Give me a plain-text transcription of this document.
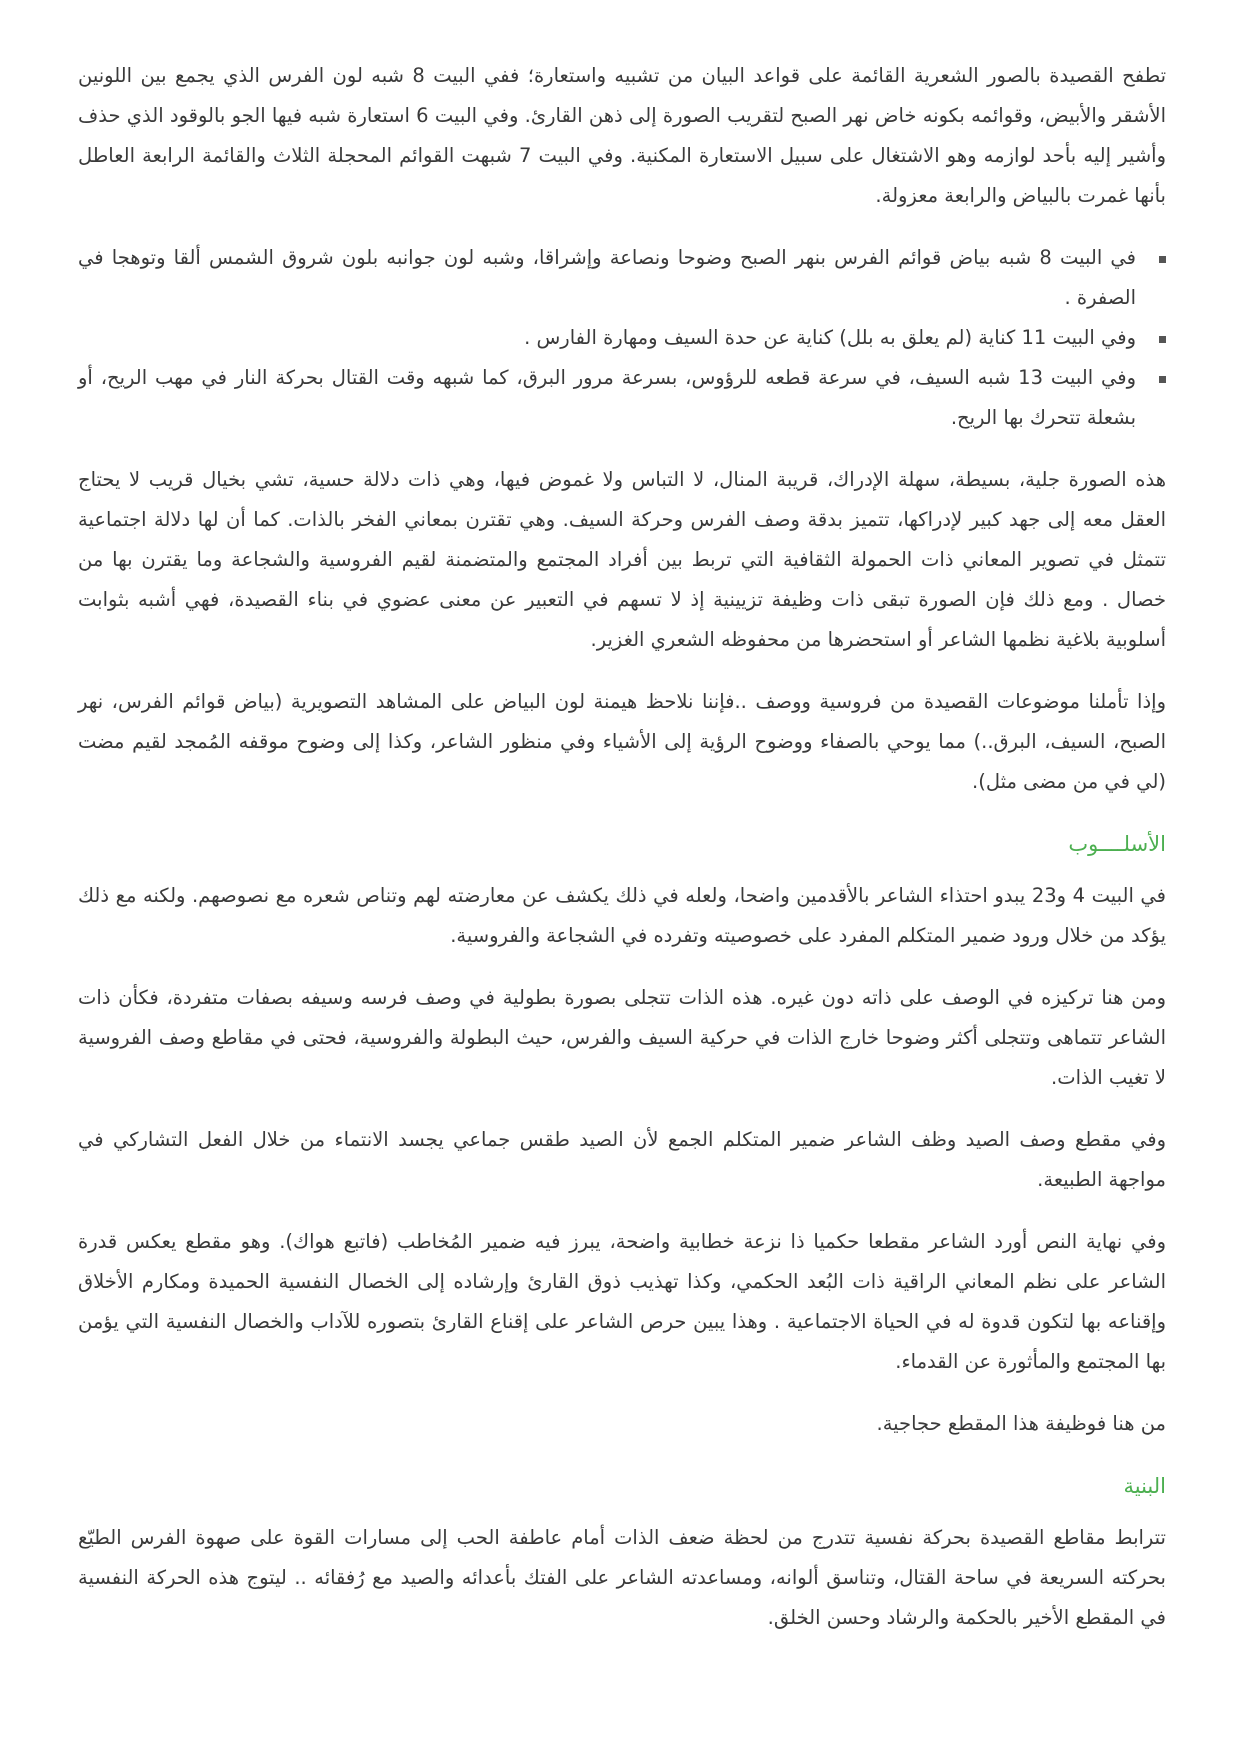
تطفح القصيدة بالصور الشعرية القائمة على قواعد البيان من تشبيه واستعارة؛ ففي البيت 8 شبه لون الفرس الذي يجمع بين اللونين الأشقر والأبيض، وقوائمه بكونه خاض نهر الصبح لتقريب الصورة إلى ذهن القارئ. وفي البيت 6 استعارة شبه فيها الجو بالوقود الذي حذف وأشير إليه بأحد لوازمه وهو الاشتغال على سبيل الاستعارة المكنية. وفي البيت 7 شبهت القوائم المحجلة الثلاث والقائمة الرابعة العاطل بأنها غمرت بالبياض والرابعة معزولة.

في البيت 8 شبه بياض قوائم الفرس بنهر الصبح وضوحا ونصاعة وإشراقا، وشبه لون جوانبه بلون شروق الشمس ألقا وتوهجا في الصفرة .
وفي البيت 11 كناية (لم يعلق به بلل) كناية عن حدة السيف ومهارة الفارس .
وفي البيت 13 شبه السيف، في سرعة قطعه للرؤوس، بسرعة مرور البرق، كما شبهه وقت القتال بحركة النار في مهب الريح، أو بشعلة تتحرك بها الريح.

هذه الصورة جلية، بسيطة، سهلة الإدراك، قريبة المنال، لا التباس ولا غموض فيها، وهي ذات دلالة حسية، تشي بخيال قريب لا يحتاج العقل معه إلى جهد كبير لإدراكها، تتميز بدقة وصف الفرس وحركة السيف. وهي تقترن بمعاني الفخر بالذات. كما أن لها دلالة اجتماعية تتمثل في تصوير المعاني ذات الحمولة الثقافية التي تربط بين أفراد المجتمع والمتضمنة لقيم الفروسية والشجاعة وما يقترن بها من خصال . ومع ذلك فإن الصورة تبقى ذات وظيفة تزيينية إذ لا تسهم في التعبير عن معنى عضوي في بناء القصيدة، فهي أشبه بثوابت أسلوبية بلاغية نظمها الشاعر أو استحضرها من محفوظه الشعري الغزير.

وإذا تأملنا موضوعات القصيدة من فروسية ووصف ..فإننا نلاحظ هيمنة لون البياض على المشاهد التصويرية (بياض قوائم الفرس، نهر الصبح، السيف، البرق..) مما يوحي بالصفاء ووضوح الرؤية إلى الأشياء وفي منظور الشاعر، وكذا إلى وضوح موقفه المُمجد لقيم مضت (لي في من مضى مثل).

الأسلــــوب

في البيت 4 و23 يبدو احتذاء الشاعر بالأقدمين واضحا، ولعله في ذلك يكشف عن معارضته لهم وتناص شعره مع نصوصهم. ولكنه مع ذلك يؤكد من خلال ورود ضمير المتكلم المفرد على خصوصيته وتفرده في الشجاعة والفروسية.

ومن هنا تركيزه في الوصف على ذاته دون غيره. هذه الذات تتجلى بصورة بطولية في وصف فرسه وسيفه بصفات متفردة، فكأن ذات الشاعر تتماهى وتتجلى أكثر وضوحا خارج الذات في حركية السيف والفرس، حيث البطولة والفروسية، فحتى في مقاطع وصف الفروسية لا تغيب الذات.

وفي مقطع وصف الصيد وظف الشاعر ضمير المتكلم الجمع لأن الصيد طقس جماعي يجسد الانتماء من خلال الفعل التشاركي في مواجهة الطبيعة.

وفي نهاية النص أورد الشاعر مقطعا حكميا ذا نزعة خطابية واضحة، يبرز فيه ضمير المُخاطب (فاتبع هواك). وهو مقطع يعكس قدرة الشاعر على نظم المعاني الراقية ذات البُعد الحكمي، وكذا تهذيب ذوق القارئ وإرشاده إلى الخصال النفسية الحميدة ومكارم الأخلاق وإقناعه بها لتكون قدوة له في الحياة الاجتماعية . وهذا يبين حرص الشاعر على إقناع القارئ بتصوره للآداب والخصال النفسية التي يؤمن بها المجتمع والمأثورة عن القدماء.

من هنا فوظيفة هذا المقطع حجاجية.

البنية

تترابط مقاطع القصيدة بحركة نفسية تتدرج من لحظة ضعف الذات أمام عاطفة الحب إلى مسارات القوة على صهوة الفرس الطيّع بحركته السريعة في ساحة القتال، وتناسق ألوانه، ومساعدته الشاعر على الفتك بأعدائه والصيد مع رُفقائه .. ليتوج هذه الحركة النفسية في المقطع الأخير بالحكمة والرشاد وحسن الخلق.
